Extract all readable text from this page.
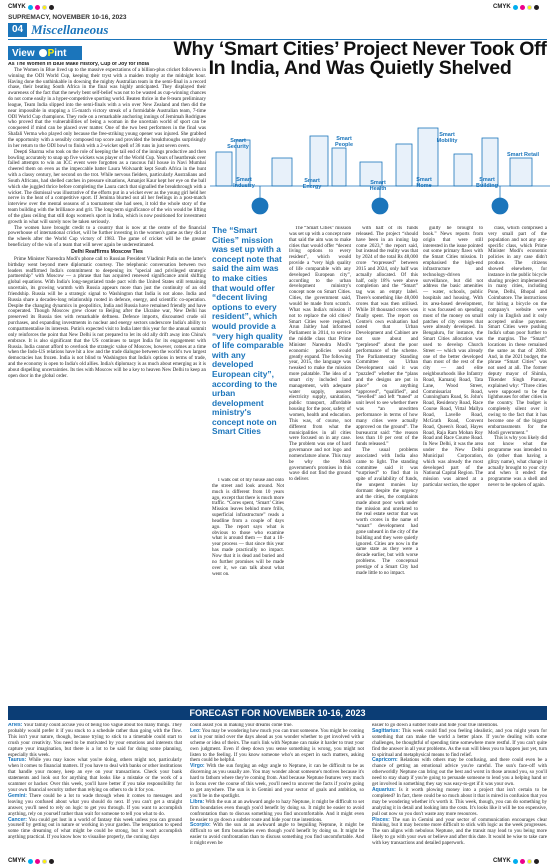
CMYK	CMYK
SUPREMACY, NOVEMBER 10-16, 2023
04 Miscellaneous
View P int	Why ‘Smart Cities’ Project Never Took Off In India, And Was Quietly Shelved
Smart Security
Smart Industry
Smart People
Smart Energy
Smart Health
Smart Home
Smart Mobility
Smart Building
Smart Retail
As The Women In Blue Make History, Cup of Joy for India

The Women in Blue lived up to the massive expectations of a billion-plus cricket followers in winning the ODI World Cup, keeping their tryst with a maiden trophy at the midnight hour. Having done the unthinkable in downing the mighty Australian team in the semi-final in a record chase, their beating South Africa in the final was highly anticipated. They displayed their awareness of the fact that the newly bent self-belief was not to be wasted as cup-winning chances do not come easily in a hyper-competitive sporting world. Beaten thrice in the 8-team preliminary league, Team India slipped into the semi-finals with a win over New Zealand and then did the near impossible in stopping a 15-match victory streak of a formidable Australian team, 7-time ODI World Cup champions. They rode on a remarkable anchoring innings of Jemimah Rodrigues who proved that the vulnerabilities of being a woman in the uncertain world of sport can be conquered if mind can be placed over matter. One of the two best performers in the final was Shafali Verma who played only because the free-striking young opener was injured. She grabbed the opportunity with a sensibly composed top score and provided the breakthroughs surprisingly in her return to the ODI bowl to finish with a 2-wicket spell of 36 runs in just seven overs.

Deepti Sharma who took on the role of keeping the tail end of the innings productive and then bowling accurately to snap up five wickets was player of the World Cup. Years of heartbreak over failed attempts to win an ICC event were forgotten as a raucous full house in Navi Mumbai cheered them on even as the impeccable batter Laura Wolvaardt kept South Africa in the hunt with a classy century, her second on the trot. While nervous fielders, particularly Australians and South Africans, had shelled catches in pressure situations, Amanjot Kaur kept her eye on the ball which she juggled thrice before completing the Laura catch that signalled the breakthrough with a wicket. The dismissal was illustrative of the efforts put in a wicket ever as the young girl held her nerve in the heat of a competitive sport. If Jemima blurted out all her feelings in a post-match interview over the mental seasons of a tournament she had seen, it told the whole story of the team building with the brilliance and grit. The long-term significance of the win would be lifting of the glass ceiling that still dogs women's sport in India, which is now positioned for investment growth in what will surely now be taken seriously.

The women have brought credit to a country that is now at the centre of the financial powerhouse of international cricket, will be further investing in the women's game as they did at the wheels after the World Cup victory of 1983. The game of cricket will be the greater beneficiary of the win of a team that will never again be underestimated.

Delhi Reaffirms Moscow Ties

Prime Minister Narendra Modi's phone call to Russian President Vladimir Putin on the latter's birthday went beyond mere diplomatic courtesy. The telephonic conversation between two leaders reaffirmed India's commitment to deepening its "special and privileged strategic partnership" with Moscow — a phrase that has acquired renewed significance amid shifting global equations. With India's long-negotiated trade pact with the United States still remaining uncertain, its growing warmth with Russia appears more than just the continuity of an old friendship. Russia will be a strategic signal to Washington that India is not alone. India and Russia share a decades-long relationship rooted in defence, energy, and scientific co-operation. Despite the changing dynamics in geopolitics, India and Russia have remained friendly and have cooperated. Though Moscow grew closer to Beijing after the Ukraine war, New Delhi has preserved its Russia ties with remarkable deftness. Defence imports, discounted crude oil purchases, and expanding investments in nuclear and energy sectors underscore India's ability to compartmentalise its interests. Putin's expected visit to India later this year for the annual summit only reinforces the point that New Delhi is not prepared to let its old ally drift away into China's embrace. It is also significant that the US continues to target India for its engagement with Russia. India cannot afford to overlook the strategic value of Moscow, however, comes at a time when the Indo-US relations have hit a low and the trade dialogue between the world's two largest democracies has frozen. India is not blind to Washington that India's options in terms of trade, and the economy is open to India's old allies. India's diplomacy is as much about emerging as it is about dispelling uncertainties. Its ties with Moscow will be a key to heaven New Delhi to keep an open door in the global order.

The “Smart Cities” mission was set up with a concept note that said the aim was to make cities that would offer “decent living options to every resident”, which would provide a “very high quality of life comparable with any developed European city”, according to the urban development ministry's concept note on Smart Cities

I walk out of my house and onto the street and look around. Not much is different from 10 years ago, except that there is much more traffic. “Cores spent, ‘Smart’ Cities Mission leaves behind more frills, superficial infrastructure” reads a headline from a couple of days ago. The report says what is obvious to those who examine what is around them — that a 10-year process — that since this year has made practically no impact. Now that it is dead and buried and no further promises will be made over it, we can talk about what went on.

The “Smart Cities” mission was set up with a concept note that said the aim was to make cities that would offer “decent living options to every resident”, which would provide a “very high quality of life comparable with any developed European city”, according to the urban development ministry's concept note on Smart Cities. Cities, the government said, would be made from scratch. What was India's mission if not to replace the old cities? Smart Cities were required, Arun Jaitley had informed Parliament in 2014, to service the middle class that Prime Minister Narendra Modi's economic policies would greatly expand. The following year, 2015, the language was tweaked to make the mission more palatable. The idea of a smart city included land management, with adequate water supply, assured electricity supply, sanitation, public transport, affordable housing for the poor, safety of women, health and education. This was, of course, not different from what the municipalities in all cities were focused on in any case. The problem was one of hard governance and not logo and nomenclature alone. This may be why the Modi government's promises in this wave did not find the ground to deliver.

with half of its funds released. The project “should have been in an inning lap come 2023,” the report said, but instead the reality was that by 2024 of the total Rs 48,000 crore “expressed” between 2015 and 2024, only half was actually allocated. Of this half, only 18% were above completion and the “Smart” tag was an empty label. There's something like 48,000 crores that was then utilised. While 18 thousand crores was finally spent. The report on Centre's own evaluation had noted that Urban Development and Cabinet are not sure about and “perplexed” about the poor performance of the scheme. The Parliamentary Standing Committee on Urban Development said it was “puzzled” whether the “plans and the designs are put in place” on anything “approved”, “qualified”, and “levelled” and left “tuned” at unit level to see whether there was “an unwritten performance in terms of how many cities were actually approved on the ground”. The bureaucrat said: “the reason less than 10 per cent of the funds released.”

The usual problems associated with India also came to light. The standing committee said it was “surprised” to find that in spite of availability of funds, the unspent monies lay dormant despite the urgency and the cities, the complaints made about poor work under the mission and unrelated to the real estate sector that was worth crores in the name of “smart” development had gone unheard in the city of the building and they were quietly ignored. Cities are now in the same state as they were a decade earlier, but with worse problems. The conceptual prestige of a Smart City had made little to no impact.

guilty he brought to book.” News reports from origin that were still interested in the issue pointed out some primary flaws with the Smart Cities mission. It emphasised the high-end infrastructure and technology-driven surveillance, but did not address the basic amenities — water, schools, public hospitals and housing. With its area-based development, it was focussed on spending most of the money on small patches of city centres that were already developed. In Bengaluru, for instance, the Smart Cities allocation was used to develop Church Street — which was already one of the better developed than most of the rest of the city — and elite neighbourhoods like Infantry Road, Kamaraj Road, Tata Lane, Wood Street, Commissariat Road, Cunningham Road, St. John's Road, Residency Road, Race Course Road, Vittal Mallya Road, Lavelle Road, McGrath Road, Convent Road, Queen's Road, Hayes Road, Raja Ram Mohan Roy Road and Race Course Road. In New Delhi, it was the area under the New Delhi Municipal Corporation, which was already the most developed part of the National Capital Region. The mission was aimed at a particular section, the upper

class, which comprised a very small part of the population and not any any-specific class, which Prime Minister Modi's economic policies in any case didn't produce. The citizens showed elsewhere, for instance in the public bicycle sharing project implemented in many cities, including Pune, Delhi, Bhopal and Coimbatore. The instructions for hiring a bicycle on the company's website were only in English and it only accepted online payment. Smart Cities were pushing India's urban poor further to the margins. The “Smart” locations in these remained the same as that of 2008. And, in the 2021 budget, the phrase “Smart Cities” was not used at all. The former deputy mayor of Shimla, Tikender Singh Panwar, explained why: “Three cities were supposed to be the lighthouses for other cities in the country. The budget is completely silent over it owing to the fact that it has become one of the biggest embarrassments for the Modi government.”

This is why you likely did not know what the programme was intended to do (other than having a glitzy name), what change it actually brought to your city and when it ended: the programme was a shell and never to be spoken of again.

FORECAST FOR NOVEMBER 10-16, 2023
Aries: Your family could accuse you of being too vague about too many things. They probably would prefer it if you stuck to a schedule rather than going with the flow. This isn't your nature, though, because trying to stick to a timetable could start to crush your creativity. You need to be motivated by your emotions and interests that capture your imagination, but there is a lot to be said for doing some planning, especially this week.
Taurus: While you may know what you're doing, others might not, particularly when it comes to financial matters. If you have to deal with banks or other institutions that handle your money, keep an eye on your transactions. Check your bank statements and look out for anything that looks like a mistake or the work of a scammer or hacker. Over this week, you'll have better if you take responsibility for your own financial security rather than relying on others to do it for you.
Gemini: There could be a lot to wade through when it comes to messages and leaving you confused about what you should do next. If you can't get a straight answer, you'll need to rely on logic to get you through. If you want to accomplish anything, rely on yourself rather than wait for someone to tell you what to do.
Cancer: You could get lost in a world of fantasy this week unless you can ground yourself by getting out in nature or working in your garden. The temptation to spend some time dreaming of what might be could be strong, but it won't accomplish anything practical. If you know how to visualise properly, the coming days
could assist you in making your dreams come true.
Leo: You may be wondering how much you can trust someone. You might be coming out in your mind over the days ahead as you wonder whether to get involved with a scheme or idea of theirs. The sun's link with Neptune can make it harder to trust your own judgment. Even if deep down you sense something is wrong, you might not listen to the feeling. If you know someone who's an expert in such matters, asking them could be helpful.
Virgo: With the sun forging an edgy angle to Neptune, it can be difficult to be as discerning as you usually are. You may wonder about someone's motives because it's hard to fathom where they're coming from. And because Neptune features very much in focus over the course of this week, you'll need to uncover the facts if you're going to get anywhere. The sun is in Gemini and your sector of goals and ambition, so you'll be in the spotlight.
Libra: With the sun at an awkward angle to hazy Neptune, it might be difficult to set firm boundaries even though you'd benefit by doing so. It might be easier to avoid confrontation than to discuss something you find uncomfortable. And it might even be easier to go down a subtler route and hide your true intentions.
Scorpio: With the sun at an awkward angle to beguiling Neptune, it might be difficult to set firm boundaries even though you'd benefit by doing so. It might be easier to avoid confrontation than to discuss something you find uncomfortable. And it might even be
easier to go down a subtler route and hide your true intentions.
Sagittarius: This week could find you feeling idealistic, and you might yearn for something that can make the world a better place. If you're dealing with some challenges, be thoughtful of spending time somewhere more restful. If you can't quite find the answer in all your problems. As the sun will bless you to happen just yet, turn to spiritual and metaphysical means to find relief.
Capricorn: Relations with others may be confusing, and there could even be a chance of getting an emotional advice you're careful. The sun's face-off with otherworldly Neptune can bring out the best and worst in those around you, so you'll need to stay sharp if you're going to persuade someone to lend you a helping hand or get involved in something they say was easy-to-get if it was your own.
Aquarius: Is it worth plowing money into a project that isn't certain to be completed? In fact, there could be so much about it that is mired in confusion that you may be wondering whether it's worth it. This week, though, you can do something by analyzing it in detail and looking into the costs. It's looks like it will be too expensive, pull out now so you don't waste any more resources.
Pisces: The sun in Gemini and your sector of communication encourages clear thinking, but it may become more difficult to stick with logic as the week progresses. The sun aligns with nebulous Neptune, and the transit may lead to you being more likely to go with your own or believe and after this date. It would be wise to take care with key transactions and detailed paperwork.
CMYK	CMYK
